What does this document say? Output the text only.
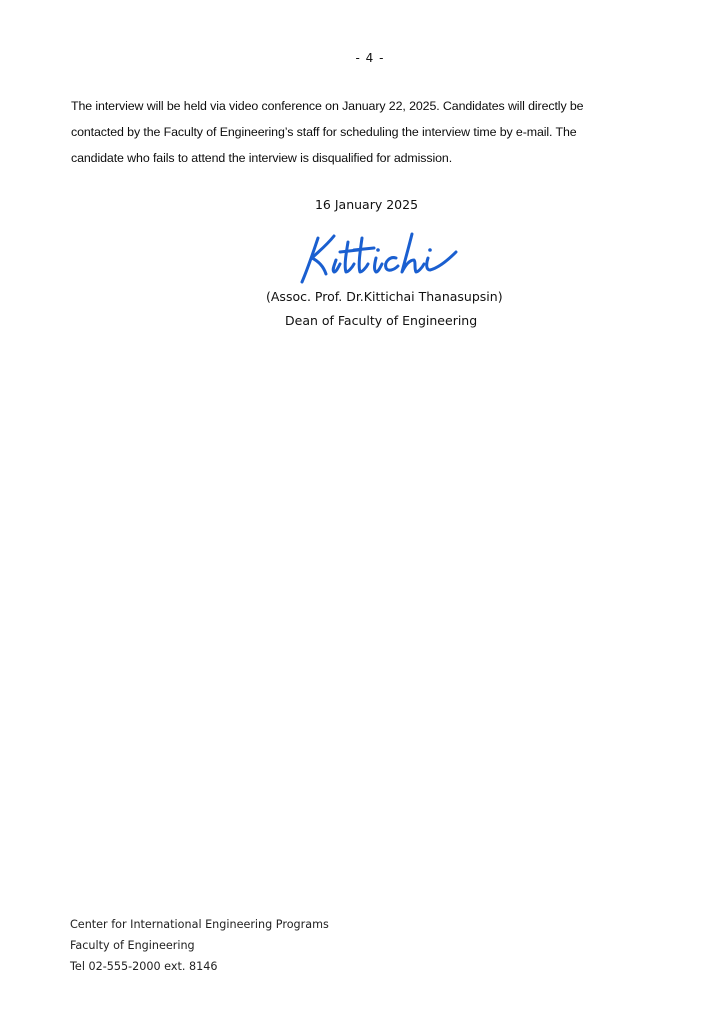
- 4 -
The interview will be held via video conference on January 22, 2025. Candidates will directly be
contacted by the Faculty of Engineering’s staff for scheduling the interview time by e-mail. The
candidate who fails to attend the interview is disqualified for admission.
16 January 2025
(Assoc. Prof. Dr.Kittichai Thanasupsin)
Dean of Faculty of Engineering
Center for International Engineering Programs
Faculty of Engineering
Tel 02-555-2000 ext. 8146
